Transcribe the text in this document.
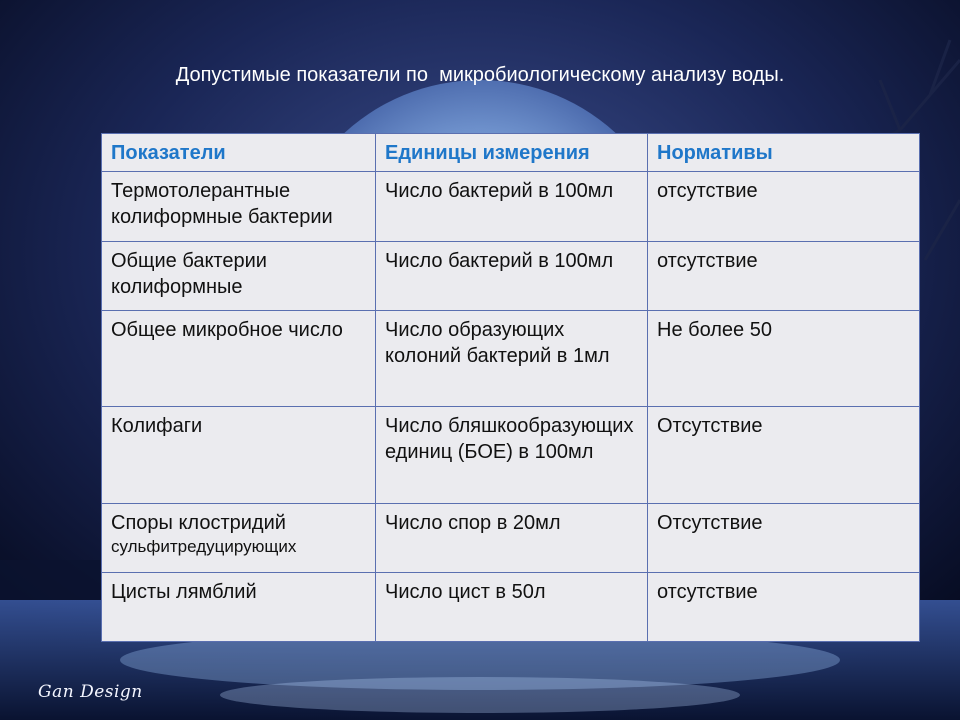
Допустимые показатели по  микробиологическому анализу воды.
Показатели	Единицы измерения	Нормативы
Термотолерантные колиформные бактерии	Число бактерий в 100мл	отсутствие
Общие бактерии колиформные	Число бактерий в 100мл	отсутствие
Общее микробное число	Число образующих колоний бактерий в 1мл	Не более 50
Колифаги	Число бляшкообразующих единиц (БОЕ) в 100мл	Отсутствие

Споры клостридий
сульфитредуцирующих	Число спор в 20мл	Отсутствие
Цисты лямблий	Число цист в 50л	отсутствие
Gan Design
